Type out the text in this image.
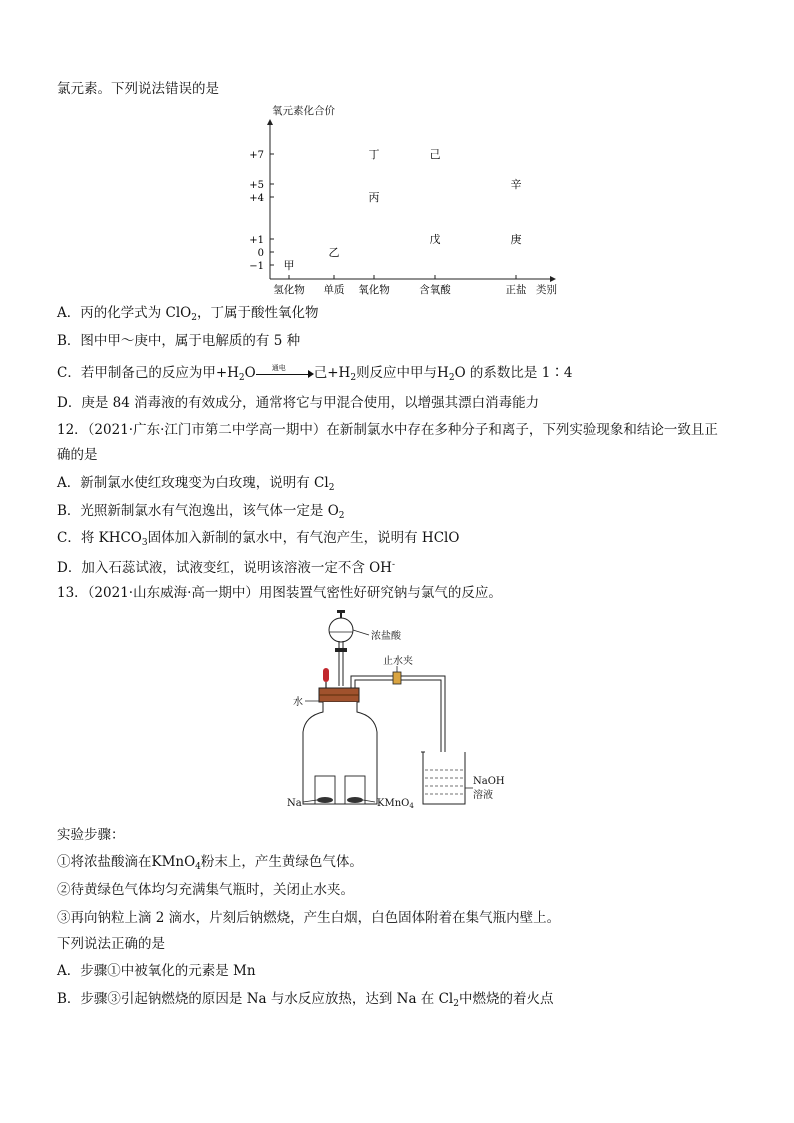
氯元素。下列说法错误的是
氧元素化合价
类别
+7
+5
+4
+1
0
−1
氢化物 单质 氧化物	含氧酸	正盐
甲
乙
丙
丁
戊
己
辛
庚
A．丙的化学式为 ClO$_2$，丁属于酸性氧化物
B．图中甲～庚中，属于电解质的有 5 种
C．若甲制备己的反应为甲$+H_2O$ 通电 己$+H_2$则反应中甲与$H_2O$ 的系数比是 1∶4
D．庚是 84 消毒液的有效成分，通常将它与甲混合使用，以增强其漂白消毒能力
12．（2021·广东·江门市第二中学高一期中）在新制氯水中存在多种分子和离子，下列实验现象和结论一致且正
确的是
A．新制氯水使红玫瑰变为白玫瑰，说明有 $Cl_2$
B．光照新制氯水有气泡逸出，该气体一定是 $O_2$
C．将 $KHCO_3$固体加入新制的氯水中，有气泡产生，说明有 HClO
D．加入石蕊试液，试液变红，说明该溶液一定不含 OH-
13．（2021·山东威海·高一期中）用图装置气密性好研究钠与氯气的反应。
浓盐酸
水
止水夹
Na	KMnO$_4$
NaOH
溶液
实验步骤：
①将浓盐酸滴在KMnO$_4$粉末上，产生黄绿色气体。
②待黄绿色气体均匀充满集气瓶时，关闭止水夹。
③再向钠粒上滴 2 滴水，片刻后钠燃烧，产生白烟，白色固体附着在集气瓶内壁上。
下列说法正确的是
A．步骤①中被氧化的元素是 Mn
B．步骤③引起钠燃烧的原因是 Na 与水反应放热，达到 Na 在 $Cl_2$中燃烧的着火点
